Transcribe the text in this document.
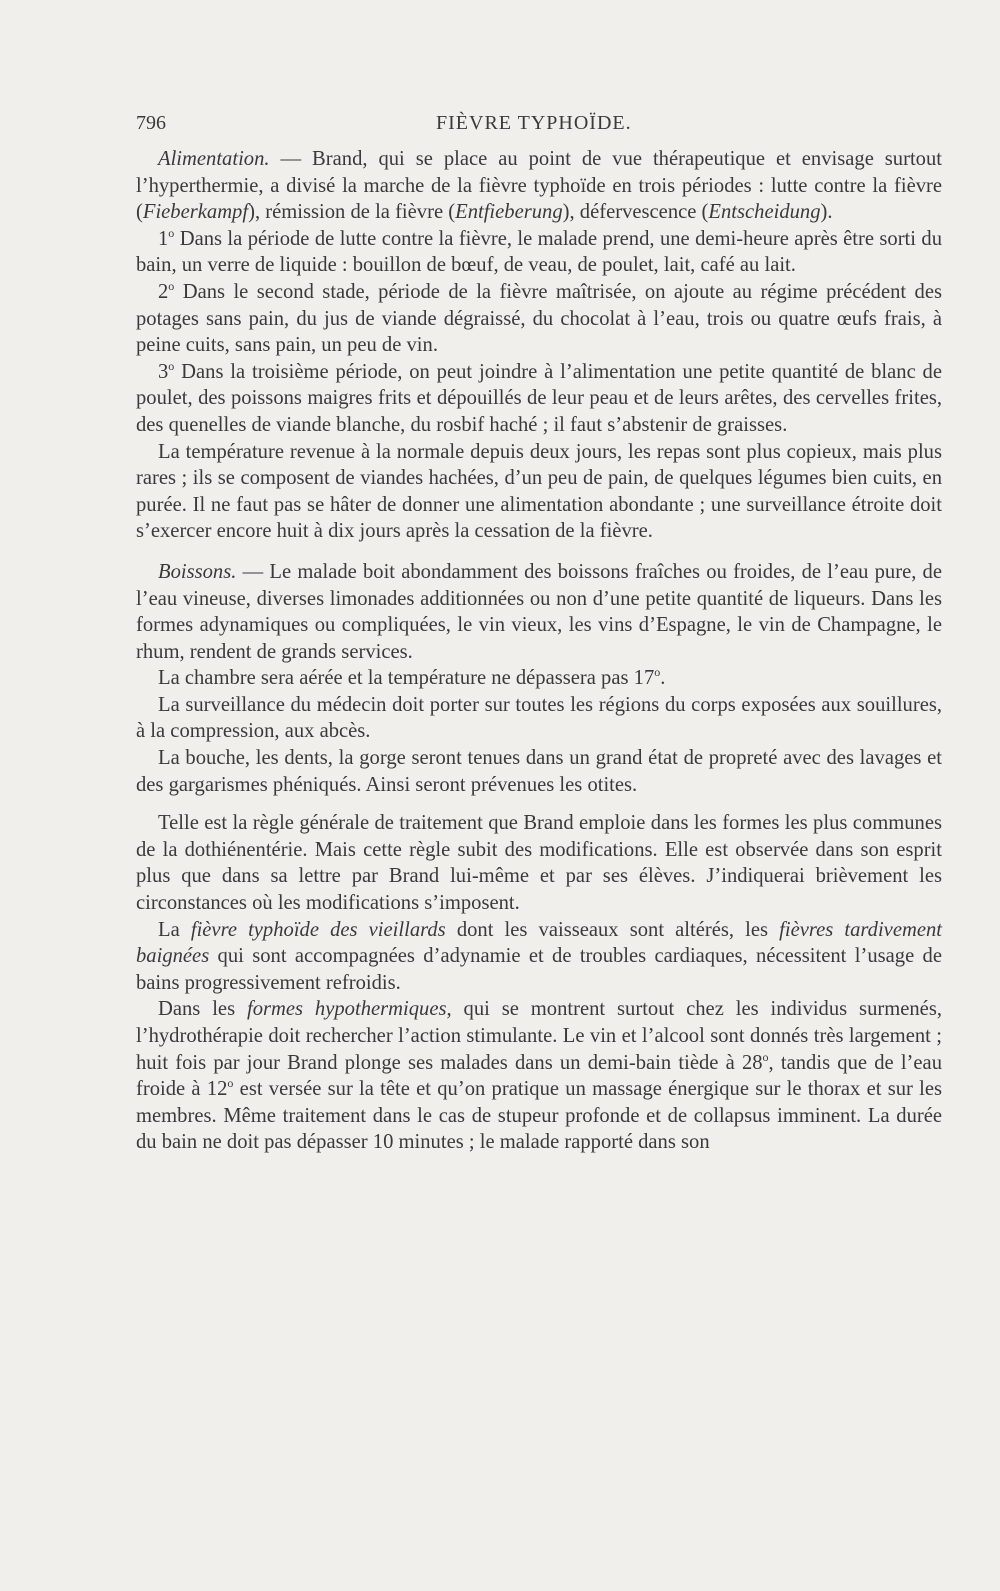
796	FIÈVRE TYPHOÏDE.

Alimentation. — Brand, qui se place au point de vue thérapeutique et envisage surtout l’hyperthermie, a divisé la marche de la fièvre typhoïde en trois périodes : lutte contre la fièvre (Fieberkampf), rémission de la fièvre (Entfieberung), défervescence (Entscheidung).

1$^o$ Dans la période de lutte contre la fièvre, le malade prend, une demi-heure après être sorti du bain, un verre de liquide : bouillon de bœuf, de veau, de poulet, lait, café au lait.

2$^o$ Dans le second stade, période de la fièvre maîtrisée, on ajoute au régime précédent des potages sans pain, du jus de viande dégraissé, du chocolat à l’eau, trois ou quatre œufs frais, à peine cuits, sans pain, un peu de vin.

3$^o$ Dans la troisième période, on peut joindre à l’alimentation une petite quantité de blanc de poulet, des poissons maigres frits et dépouillés de leur peau et de leurs arêtes, des cervelles frites, des quenelles de viande blanche, du rosbif haché ; il faut s’abstenir de graisses.

La température revenue à la normale depuis deux jours, les repas sont plus copieux, mais plus rares ; ils se composent de viandes hachées, d’un peu de pain, de quelques légumes bien cuits, en purée. Il ne faut pas se hâter de donner une alimentation abondante ; une surveillance étroite doit s’exercer encore huit à dix jours après la cessation de la fièvre.

Boissons. — Le malade boit abondamment des boissons fraîches ou froides, de l’eau pure, de l’eau vineuse, diverses limonades additionnées ou non d’une petite quantité de liqueurs. Dans les formes adynamiques ou compliquées, le vin vieux, les vins d’Espagne, le vin de Champagne, le rhum, rendent de grands services.

La chambre sera aérée et la température ne dépassera pas 17$^o$.

La surveillance du médecin doit porter sur toutes les régions du corps exposées aux souillures, à la compression, aux abcès.

La bouche, les dents, la gorge seront tenues dans un grand état de propreté avec des lavages et des gargarismes phéniqués. Ainsi seront prévenues les otites.

Telle est la règle générale de traitement que Brand emploie dans les formes les plus communes de la dothiénentérie. Mais cette règle subit des modifications. Elle est observée dans son esprit plus que dans sa lettre par Brand lui-même et par ses élèves. J’indiquerai brièvement les circonstances où les modifications s’imposent.

La fièvre typhoïde des vieillards dont les vaisseaux sont altérés, les fièvres tardivement baignées qui sont accompagnées d’adynamie et de troubles cardiaques, nécessitent l’usage de bains progressivement refroidis.

Dans les formes hypothermiques, qui se montrent surtout chez les individus surmenés, l’hydrothérapie doit rechercher l’action stimulante. Le vin et l’alcool sont donnés très largement ; huit fois par jour Brand plonge ses malades dans un demi-bain tiède à 28$^o$, tandis que de l’eau froide à 12$^o$ est versée sur la tête et qu’on pratique un massage énergique sur le thorax et sur les membres. Même traitement dans le cas de stupeur profonde et de collapsus imminent. La durée du bain ne doit pas dépasser 10 minutes ; le malade rapporté dans son
